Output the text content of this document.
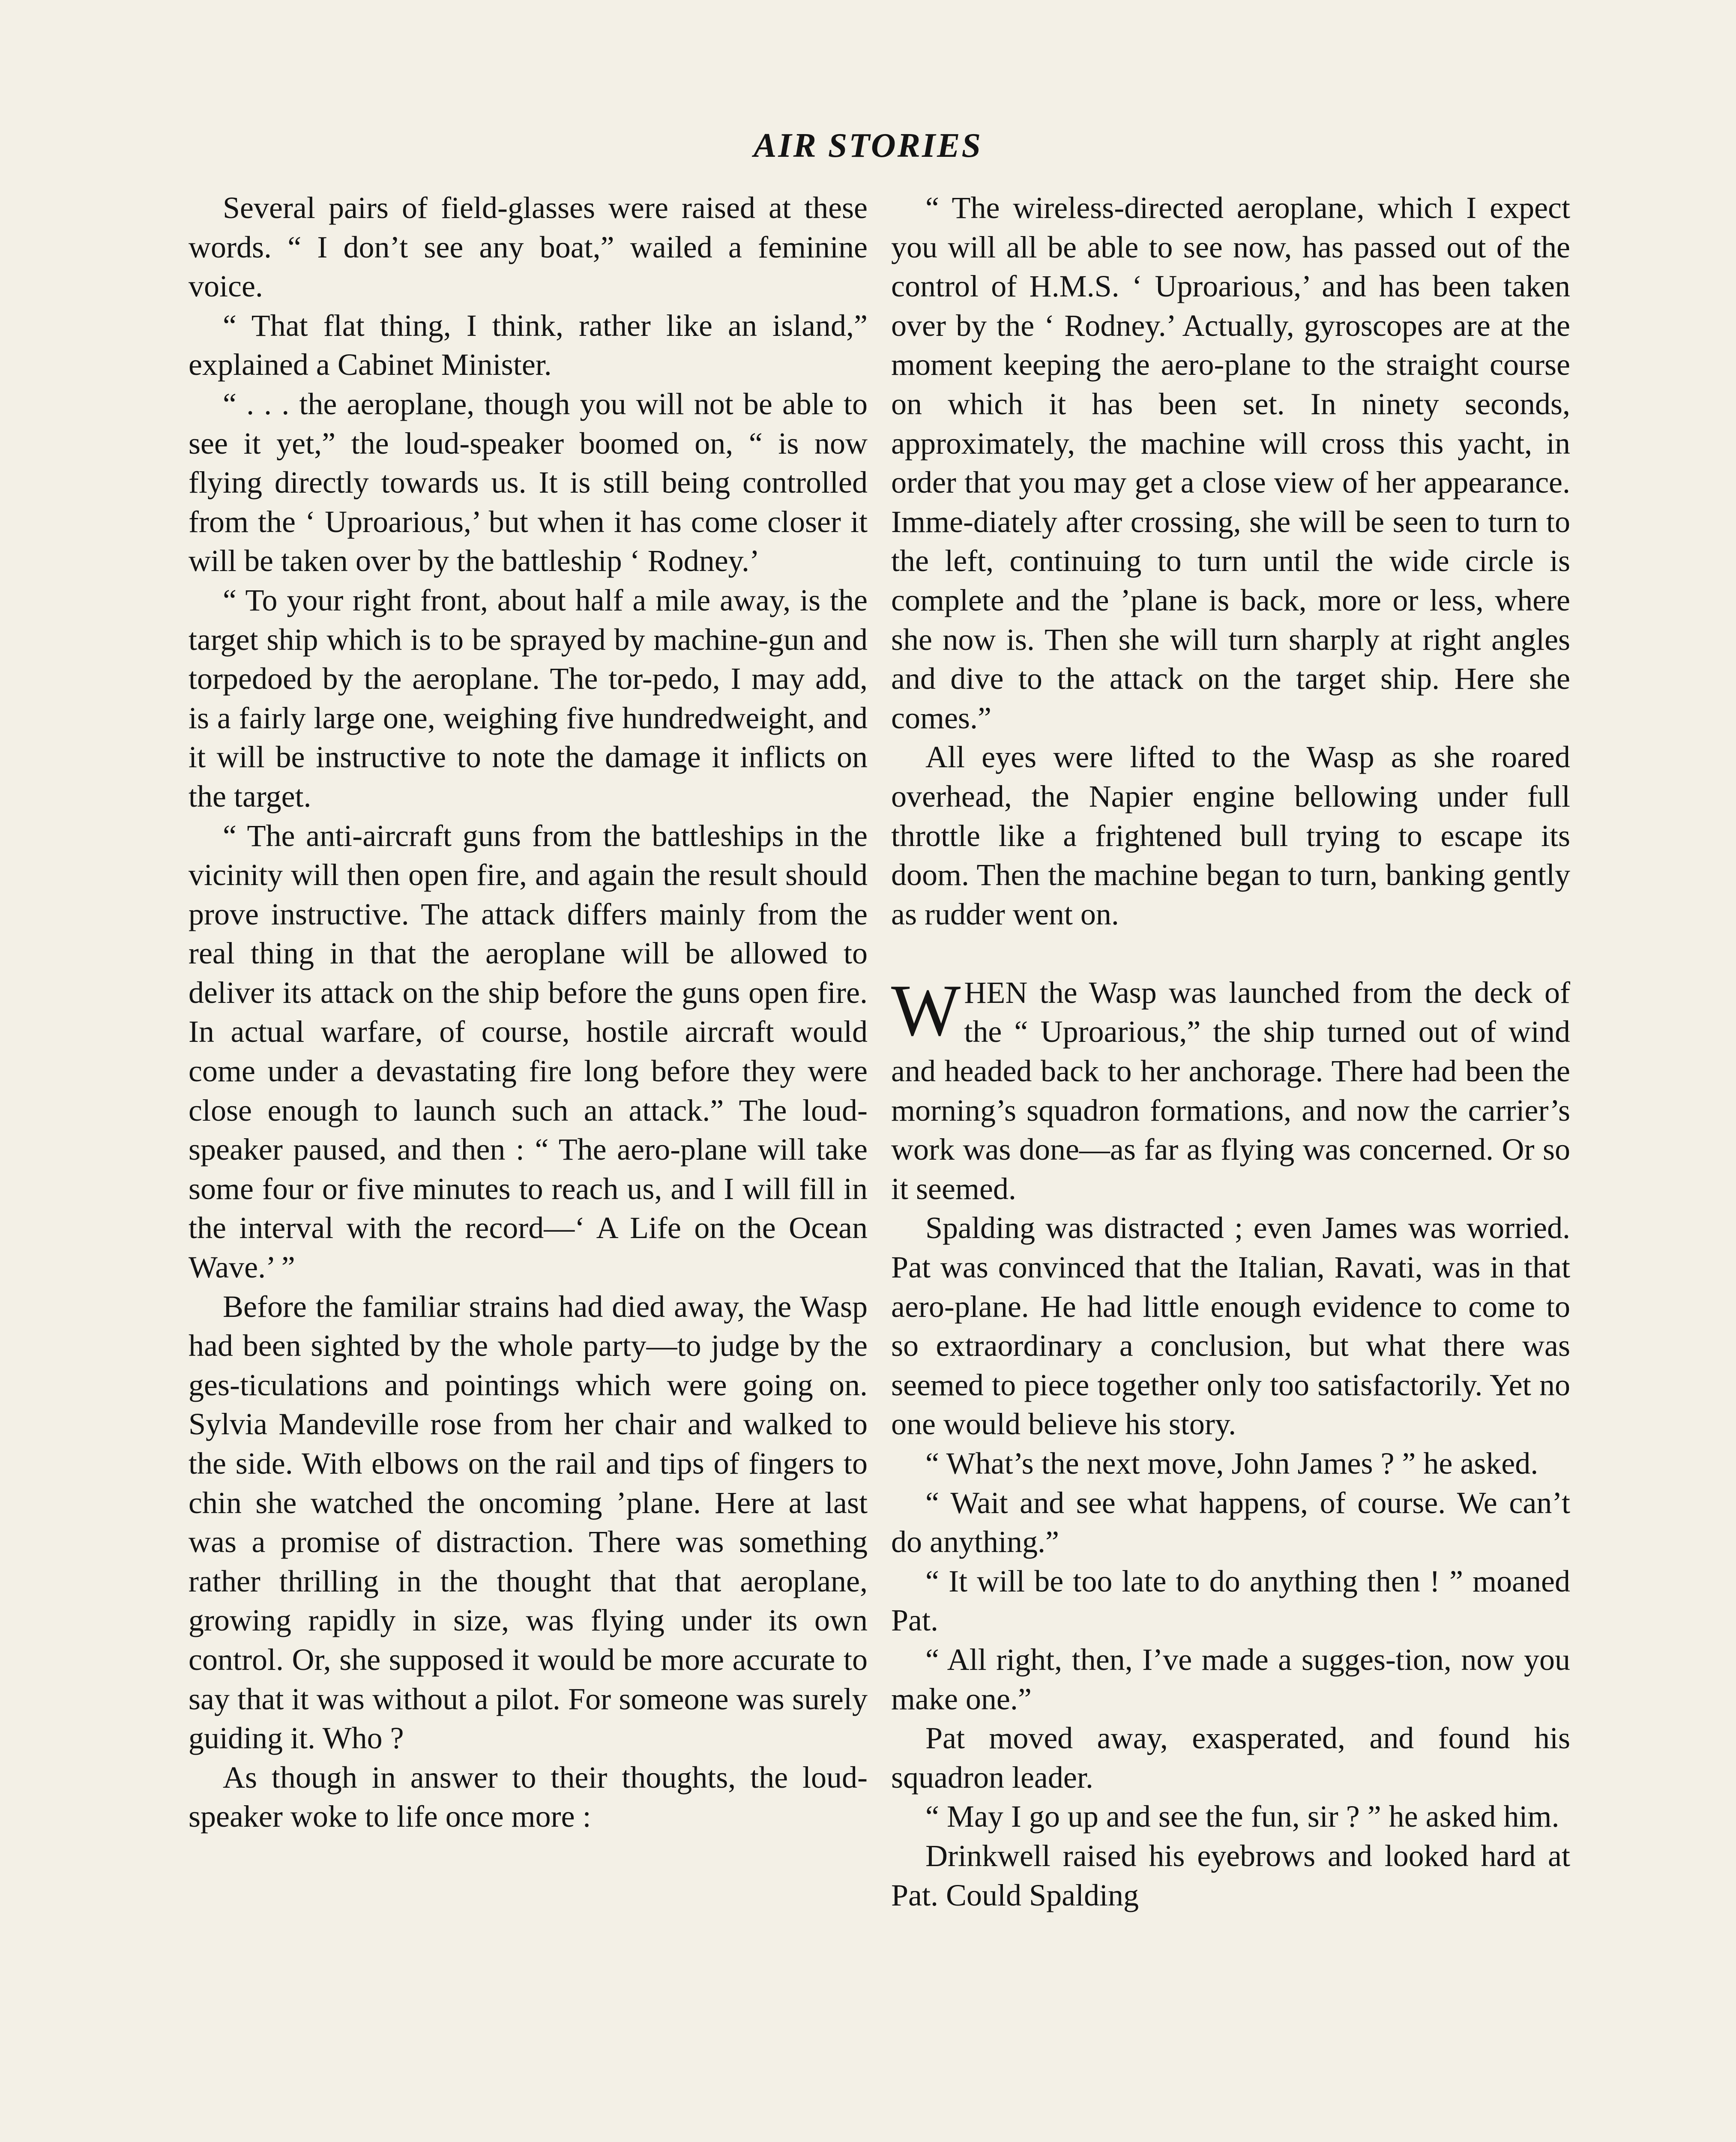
AIR STORIES

Several pairs of field-glasses were raised at these words. “ I don’t see any boat,” wailed a feminine voice.

“ That flat thing, I think, rather like an island,” explained a Cabinet Minister.

“ . . . the aeroplane, though you will not be able to see it yet,” the loud-speaker boomed on, “ is now flying directly towards us. It is still being controlled from the ‘ Uproarious,’ but when it has come closer it will be taken over by the battleship ‘ Rodney.’

“ To your right front, about half a mile away, is the target ship which is to be sprayed by machine-gun and torpedoed by the aeroplane. The tor-pedo, I may add, is a fairly large one, weighing five hundredweight, and it will be instructive to note the damage it inflicts on the target.

“ The anti-aircraft guns from the battleships in the vicinity will then open fire, and again the result should prove instructive. The attack differs mainly from the real thing in that the aeroplane will be allowed to deliver its attack on the ship before the guns open fire. In actual warfare, of course, hostile aircraft would come under a devastating fire long before they were close enough to launch such an attack.” The loud-speaker paused, and then : “ The aero-plane will take some four or five minutes to reach us, and I will fill in the interval with the record—‘ A Life on the Ocean Wave.’ ”

Before the familiar strains had died away, the Wasp had been sighted by the whole party—to judge by the ges-ticulations and pointings which were going on. Sylvia Mandeville rose from her chair and walked to the side. With elbows on the rail and tips of fingers to chin she watched the oncoming ’plane. Here at last was a promise of distraction. There was something rather thrilling in the thought that that aeroplane, growing rapidly in size, was flying under its own control. Or, she supposed it would be more accurate to say that it was without a pilot. For someone was surely guiding it. Who ?

As though in answer to their thoughts, the loud-speaker woke to life once more :

“ The wireless-directed aeroplane, which I expect you will all be able to see now, has passed out of the control of H.M.S. ‘ Uproarious,’ and has been taken over by the ‘ Rodney.’ Actually, gyroscopes are at the moment keeping the aero-plane to the straight course on which it has been set. In ninety seconds, approximately, the machine will cross this yacht, in order that you may get a close view of her appearance. Imme-diately after crossing, she will be seen to turn to the left, continuing to turn until the wide circle is complete and the ’plane is back, more or less, where she now is. Then she will turn sharply at right angles and dive to the attack on the target ship. Here she comes.”

All eyes were lifted to the Wasp as she roared overhead, the Napier engine bellowing under full throttle like a frightened bull trying to escape its doom. Then the machine began to turn, banking gently as rudder went on.

WHEN the Wasp was launched from the deck of the “ Uproarious,” the ship turned out of wind and headed back to her anchorage. There had been the morning’s squadron formations, and now the carrier’s work was done—as far as flying was concerned. Or so it seemed.

Spalding was distracted ; even James was worried. Pat was convinced that the Italian, Ravati, was in that aero-plane. He had little enough evidence to come to so extraordinary a conclusion, but what there was seemed to piece together only too satisfactorily. Yet no one would believe his story.

“ What’s the next move, John James ? ” he asked.

“ Wait and see what happens, of course. We can’t do anything.”

“ It will be too late to do anything then ! ” moaned Pat.

“ All right, then, I’ve made a sugges-tion, now you make one.”

Pat moved away, exasperated, and found his squadron leader.

“ May I go up and see the fun, sir ? ” he asked him.

Drinkwell raised his eyebrows and looked hard at Pat. Could Spalding
